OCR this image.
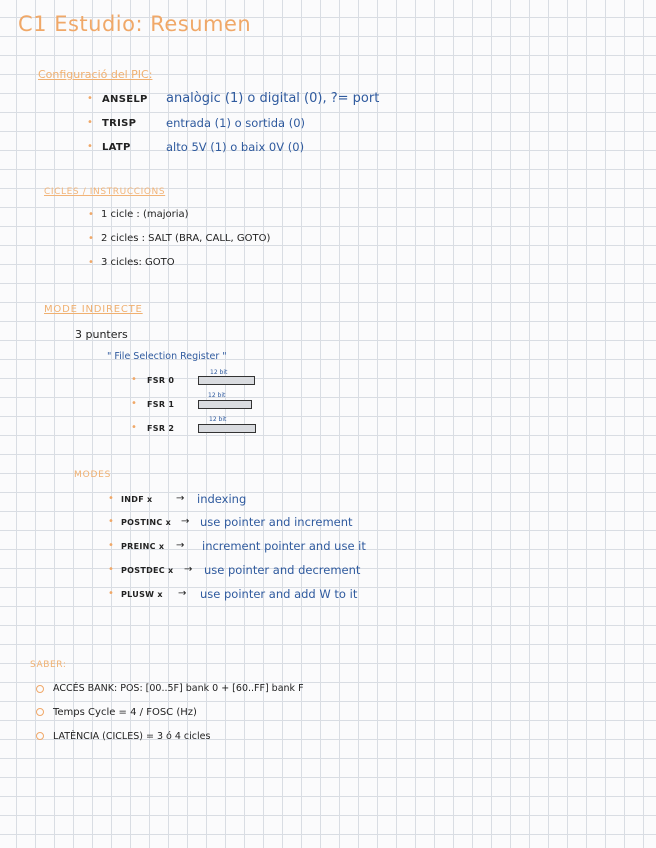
C1 Estudio: Resumen
Configuració del PIC:
• ANSELP analògic (1) o digital (0), ?= port
• TRISP	entrada (1) o sortida (0)
• LATP	alto 5V (1) o baix 0V (0)
CICLES / INSTRUCCIONS
• 1 cicle : (majoria)
• 2 cicles : SALT (BRA, CALL, GOTO)
• 3 cicles: GOTO
MODE INDIRECTE
3 punters
" File Selection Register "
• FSR 0
12 bit
• FSR 1
12 bit
• FSR 2
12 bit
MODES
• INDF x → indexing
• POSTINC x → use pointer and increment
• PREINC x → increment pointer and use it
• POSTDEC x → use pointer and decrement
• PLUSW x → use pointer and add W to it
SABER:
ACCÉS BANK: POS: [00..5F] bank 0 + [60..FF] bank F
Temps Cycle = 4 / FOSC (Hz)
LATÈNCIA (CICLES) = 3 ó 4 cicles
